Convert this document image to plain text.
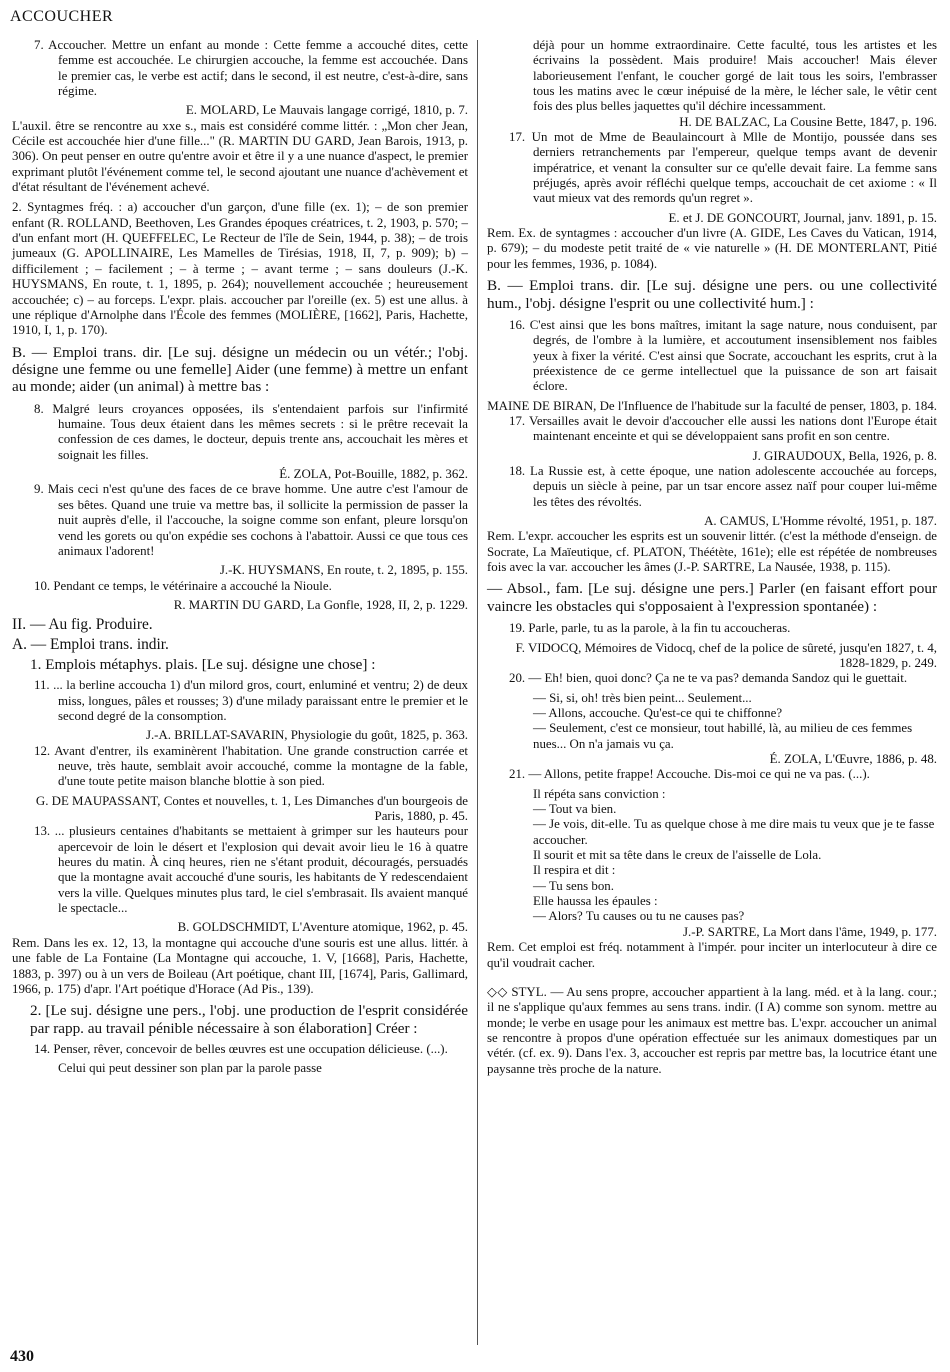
ACCOUCHER

7. Accoucher. Mettre un enfant au monde : Cette femme a accouché dites, cette femme est accouchée. Le chirurgien accouche, la femme est accouchée. Dans le premier cas, le verbe est actif; dans le second, il est neutre, c'est-à-dire, sans régime.

E. MOLARD, Le Mauvais langage corrigé, 1810, p. 7.

L'auxil. être se rencontre au xxe s., mais est considéré comme littér. : „Mon cher Jean, Cécile est accouchée hier d'une fille..." (R. MARTIN DU GARD, Jean Barois, 1913, p. 306). On peut penser en outre qu'entre avoir et être il y a une nuance d'aspect, le premier exprimant plutôt l'événement comme tel, le second ajoutant une nuance d'achèvement et d'état résultant de l'événement achevé.

2. Syntagmes fréq. : a) accoucher d'un garçon, d'une fille (ex. 1); – de son premier enfant (R. ROLLAND, Beethoven, Les Grandes époques créatrices, t. 2, 1903, p. 570; – d'un enfant mort (H. QUEFFELEC, Le Recteur de l'île de Sein, 1944, p. 38); – de trois jumeaux (G. APOLLINAIRE, Les Mamelles de Tirésias, 1918, II, 7, p. 909); b) – difficilement ; – facilement ; – à terme ; – avant terme ; – sans douleurs (J.-K. HUYSMANS, En route, t. 1, 1895, p. 264); nouvellement accouchée ; heureusement accouchée; c) – au forceps. L'expr. plais. accoucher par l'oreille (ex. 5) est une allus. à une réplique d'Arnolphe dans l'École des femmes (MOLIÈRE, [1662], Paris, Hachette, 1910, I, 1, p. 170).

B. — Emploi trans. dir. [Le suj. désigne un médecin ou un vétér.; l'obj. désigne une femme ou une femelle] Aider (une femme) à mettre un enfant au monde; aider (un animal) à mettre bas :

8. Malgré leurs croyances opposées, ils s'entendaient parfois sur l'infirmité humaine. Tous deux étaient dans les mêmes secrets : si le prêtre recevait la confession de ces dames, le docteur, depuis trente ans, accouchait les mères et soignait les filles.

É. ZOLA, Pot-Bouille, 1882, p. 362.

9. Mais ceci n'est qu'une des faces de ce brave homme. Une autre c'est l'amour de ses bêtes. Quand une truie va mettre bas, il sollicite la permission de passer la nuit auprès d'elle, il l'accouche, la soigne comme son enfant, pleure lorsqu'on vend les gorets ou qu'on expédie ses cochons à l'abattoir. Aussi ce que tous ces animaux l'adorent!

J.-K. HUYSMANS, En route, t. 2, 1895, p. 155.

10. Pendant ce temps, le vétérinaire a accouché la Nioule.

R. MARTIN DU GARD, La Gonfle, 1928, II, 2, p. 1229.

II. — Au fig. Produire.

A. — Emploi trans. indir.

1. Emplois métaphys. plais. [Le suj. désigne une chose] :

11. ... la berline accoucha 1) d'un milord gros, court, enluminé et ventru; 2) de deux miss, longues, pâles et rousses; 3) d'une milady paraissant entre le premier et le second degré de la consomption.

J.-A. BRILLAT-SAVARIN, Physiologie du goût, 1825, p. 363.

12. Avant d'entrer, ils examinèrent l'habitation. Une grande construction carrée et neuve, très haute, semblait avoir accouché, comme la montagne de la fable, d'une toute petite maison blanche blottie à son pied.

G. DE MAUPASSANT, Contes et nouvelles, t. 1, Les Dimanches d'un bourgeois de Paris, 1880, p. 45.

13. ... plusieurs centaines d'habitants se mettaient à grimper sur les hauteurs pour apercevoir de loin le désert et l'explosion qui devait avoir lieu le 16 à quatre heures du matin. À cinq heures, rien ne s'étant produit, découragés, persuadés que la montagne avait accouché d'une souris, les habitants de Y redescendaient vers la ville. Quelques minutes plus tard, le ciel s'embrasait. Ils avaient manqué le spectacle...

B. GOLDSCHMIDT, L'Aventure atomique, 1962, p. 45.

Rem. Dans les ex. 12, 13, la montagne qui accouche d'une souris est une allus. littér. à une fable de La Fontaine (La Montagne qui accouche, 1. V, [1668], Paris, Hachette, 1883, p. 397) ou à un vers de Boileau (Art poétique, chant III, [1674], Paris, Gallimard, 1966, p. 175) d'apr. l'Art poétique d'Horace (Ad Pis., 139).

2. [Le suj. désigne une pers., l'obj. une production de l'esprit considérée par rapp. au travail pénible nécessaire à son élaboration] Créer :

14. Penser, rêver, concevoir de belles œuvres est une occupation délicieuse. (...).

Celui qui peut dessiner son plan par la parole passe

déjà pour un homme extraordinaire. Cette faculté, tous les artistes et les écrivains la possèdent. Mais produire! Mais accoucher! Mais élever laborieusement l'enfant, le coucher gorgé de lait tous les soirs, l'embrasser tous les matins avec le cœur inépuisé de la mère, le lécher sale, le vêtir cent fois des plus belles jaquettes qu'il déchire incessamment.

H. DE BALZAC, La Cousine Bette, 1847, p. 196.

17. Un mot de Mme de Beaulaincourt à Mlle de Montijo, poussée dans ses derniers retranchements par l'empereur, quelque temps avant de devenir impératrice, et venant la consulter sur ce qu'elle devait faire. La femme sans préjugés, après avoir réfléchi quelque temps, accouchait de cet axiome : « Il vaut mieux vat des remords qu'un regret ».

E. et J. DE GONCOURT, Journal, janv. 1891, p. 15.

Rem. Ex. de syntagmes : accoucher d'un livre (A. GIDE, Les Caves du Vatican, 1914, p. 679); – du modeste petit traité de « vie naturelle » (H. DE MONTERLANT, Pitié pour les femmes, 1936, p. 1084).

B. — Emploi trans. dir. [Le suj. désigne une pers. ou une collectivité hum., l'obj. désigne l'esprit ou une collectivité hum.] :

16. C'est ainsi que les bons maîtres, imitant la sage nature, nous conduisent, par degrés, de l'ombre à la lumière, et accoutument insensiblement nos faibles yeux à fixer la vérité. C'est ainsi que Socrate, accouchant les esprits, crut à la préexistence de ce germe intellectuel que la puissance de son art faisait éclore.

MAINE DE BIRAN, De l'Influence de l'habitude sur la faculté de penser, 1803, p. 184.

17. Versailles avait le devoir d'accoucher elle aussi les nations dont l'Europe était maintenant enceinte et qui se développaient sans profit en son centre.

J. GIRAUDOUX, Bella, 1926, p. 8.

18. La Russie est, à cette époque, une nation adolescente accouchée au forceps, depuis un siècle à peine, par un tsar encore assez naïf pour couper lui-même les têtes des révoltés.

A. CAMUS, L'Homme révolté, 1951, p. 187.

Rem. L'expr. accoucher les esprits est un souvenir littér. (c'est la méthode d'enseign. de Socrate, La Maïeutique, cf. PLATON, Théétète, 161e); elle est répétée de nombreuses fois avec la var. accoucher les âmes (J.-P. SARTRE, La Nausée, 1938, p. 115).

— Absol., fam. [Le suj. désigne une pers.] Parler (en faisant effort pour vaincre les obstacles qui s'opposaient à l'expression spontanée) :

19. Parle, parle, tu as la parole, à la fin tu accoucheras.

F. VIDOCQ, Mémoires de Vidocq, chef de la police de sûreté, jusqu'en 1827, t. 4, 1828-1829, p. 249.

20. — Eh! bien, quoi donc? Ça ne te va pas? demanda Sandoz qui le guettait.

— Si, si, oh! très bien peint... Seulement...

— Allons, accouche. Qu'est-ce qui te chiffonne?

— Seulement, c'est ce monsieur, tout habillé, là, au milieu de ces femmes nues... On n'a jamais vu ça.

É. ZOLA, L'Œuvre, 1886, p. 48.

21. — Allons, petite frappe! Accouche. Dis-moi ce qui ne va pas. (...).

Il répéta sans conviction :

— Tout va bien.

— Je vois, dit-elle. Tu as quelque chose à me dire mais tu veux que je te fasse accoucher.

Il sourit et mit sa tête dans le creux de l'aisselle de Lola.

Il respira et dit :

— Tu sens bon.

Elle haussa les épaules :

— Alors? Tu causes ou tu ne causes pas?

J.-P. SARTRE, La Mort dans l'âme, 1949, p. 177.

Rem. Cet emploi est fréq. notamment à l'impér. pour inciter un interlocuteur à dire ce qu'il voudrait cacher.

◇◇ STYL. — Au sens propre, accoucher appartient à la lang. méd. et à la lang. cour.; il ne s'applique qu'aux femmes au sens trans. indir. (I A) comme son synom. mettre au monde; le verbe en usage pour les animaux est mettre bas. L'expr. accoucher un animal se rencontre à propos d'une opération effectuée sur les animaux domestiques par un vétér. (cf. ex. 9). Dans l'ex. 3, accoucher est repris par mettre bas, la locutrice étant une paysanne très proche de la nature.

430
